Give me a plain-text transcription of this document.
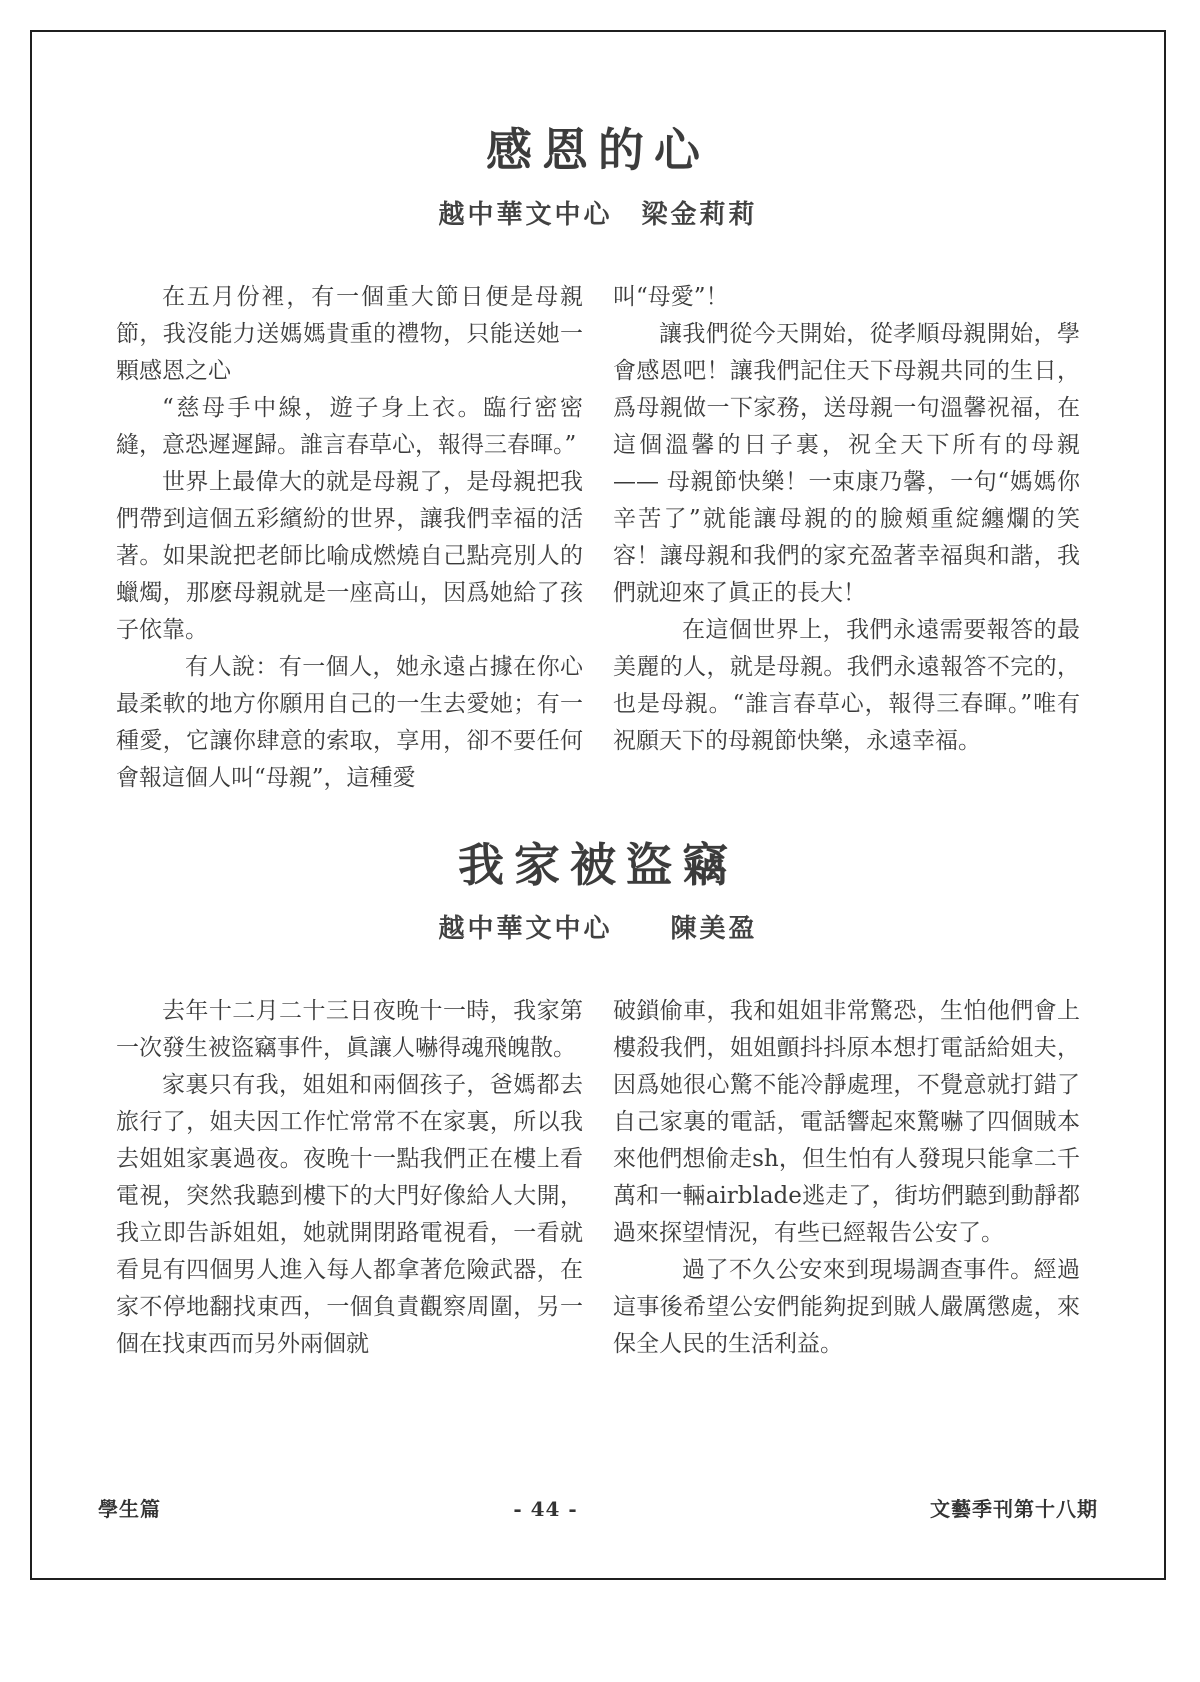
感恩的心
越中華文中心　梁金莉莉

在五月份裡，有一個重大節日便是母親節，我沒能力送媽媽貴重的禮物，只能送她一顆感恩之心

“慈母手中線，遊子身上衣。臨行密密縫，意恐遲遲歸。誰言春草心，報得三春暉。”

世界上最偉大的就是母親了，是母親把我們帶到這個五彩繽紛的世界，讓我們幸福的活著。如果說把老師比喻成燃燒自己點亮別人的蠟燭，那麽母親就是一座高山，因爲她給了孩子依靠。

有人說：有一個人，她永遠占據在你心最柔軟的地方你願用自己的一生去愛她；有一種愛，它讓你肆意的索取，享用，卻不要任何會報這個人叫“母親”，這種愛

叫“母愛”！

讓我們從今天開始，從孝順母親開始，學會感恩吧！讓我們記住天下母親共同的生日，爲母親做一下家務，送母親一句溫馨祝福，在這個溫馨的日子裏，祝全天下所有的母親 —— 母親節快樂！一束康乃馨，一句“媽媽你辛苦了”就能讓母親的的臉頰重綻纏爛的笑容！讓母親和我們的家充盈著幸福與和諧，我們就迎來了眞正的長大！

在這個世界上，我們永遠需要報答的最美麗的人，就是母親。我們永遠報答不完的，也是母親。“誰言春草心，報得三春暉。”唯有祝願天下的母親節快樂，永遠幸福。

我家被盜竊
越中華文中心　　陳美盈

去年十二月二十三日夜晚十一時，我家第一次發生被盜竊事件，眞讓人嚇得魂飛魄散。

家裏只有我，姐姐和兩個孩子，爸媽都去旅行了，姐夫因工作忙常常不在家裏，所以我去姐姐家裏過夜。夜晚十一點我們正在樓上看電視，突然我聽到樓下的大門好像給人大開，我立即告訴姐姐，她就開閉路電視看，一看就看見有四個男人進入每人都拿著危險武器，在家不停地翻找東西，一個負責觀察周圍，另一個在找東西而另外兩個就

破鎖偷車，我和姐姐非常驚恐，生怕他們會上樓殺我們，姐姐顫抖抖原本想打電話給姐夫，因爲她很心驚不能冷靜處理，不覺意就打錯了自己家裏的電話，電話響起來驚嚇了四個賊本來他們想偷走sh，但生怕有人發現只能拿二千萬和一輛airblade逃走了，街坊們聽到動靜都過來探望情況，有些已經報告公安了。

過了不久公安來到現場調查事件。經過這事後希望公安們能夠捉到賊人嚴厲懲處，來保全人民的生活利益。

學生篇	- 44 -	文藝季刊第十八期
